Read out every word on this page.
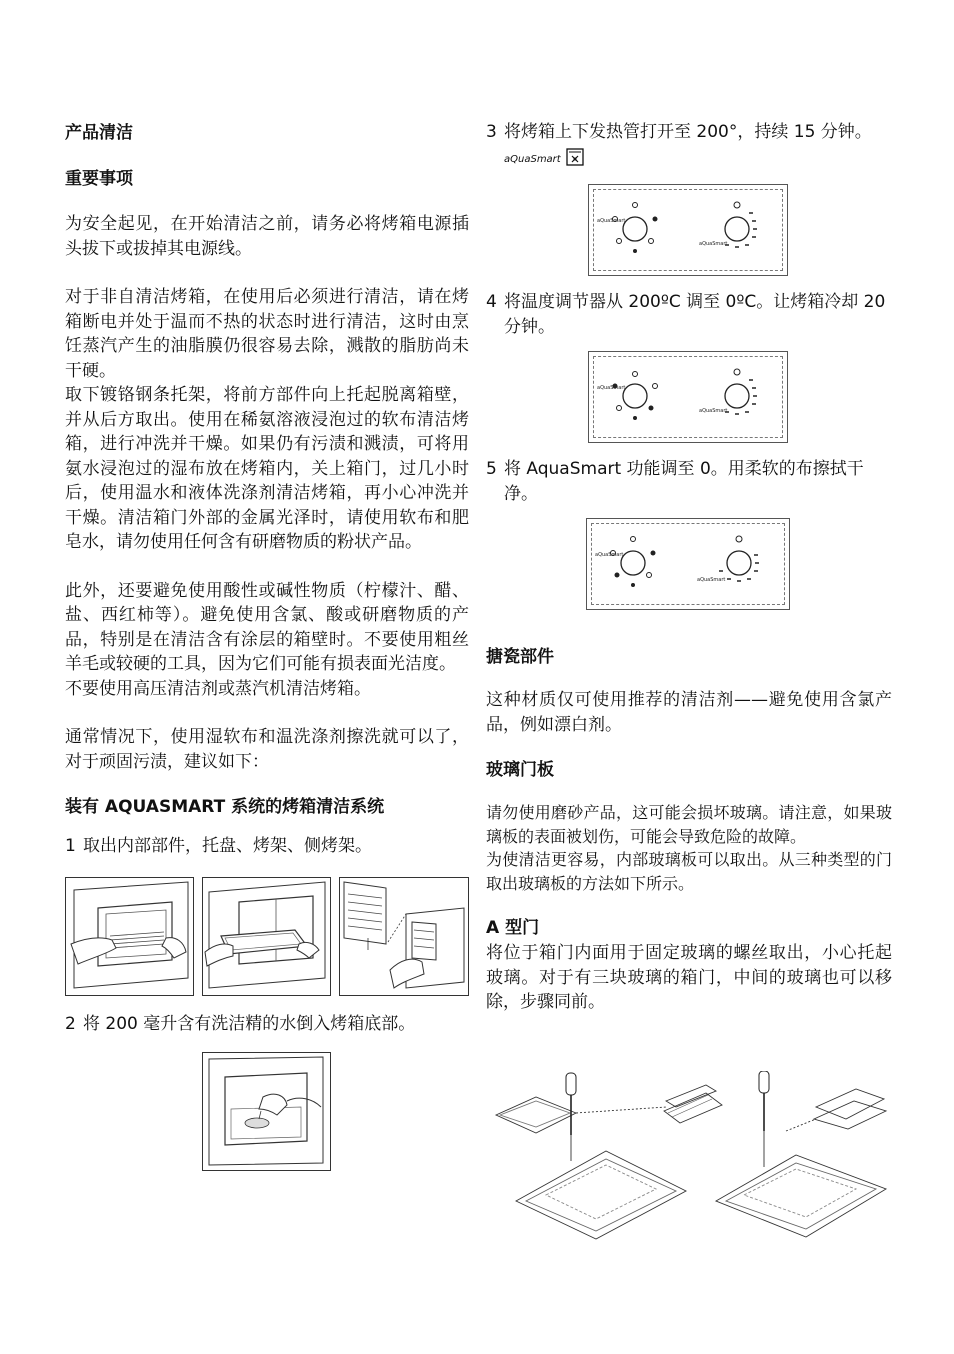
产品清洁
重要事项

为安全起见，在开始清洁之前，请务必将烤箱电源插头拔下或拔掉其电源线。

对于非自清洁烤箱，在使用后必须进行清洁，请在烤箱断电并处于温而不热的状态时进行清洁，这时由烹饪蒸汽产生的油脂膜仍很容易去除，溅散的脂肪尚未干硬。

取下镀铬钢条托架，将前方部件向上托起脱离箱壁，并从后方取出。使用在稀氨溶液浸泡过的软布清洁烤箱，进行冲洗并干燥。如果仍有污渍和溅渍，可将用氨水浸泡过的湿布放在烤箱内，关上箱门，过几小时后，使用温水和液体洗涤剂清洁烤箱，再小心冲洗并干燥。清洁箱门外部的金属光泽时，请使用软布和肥皂水，请勿使用任何含有研磨物质的粉状产品。

此外，还要避免使用酸性或碱性物质（柠檬汁、醋、盐、西红柿等）。避免使用含氯、酸或研磨物质的产品，特别是在清洁含有涂层的箱壁时。不要使用粗丝羊毛或较硬的工具，因为它们可能有损表面光洁度。

不要使用高压清洁剂或蒸汽机清洁烤箱。

通常情况下，使用湿软布和温洗涤剂擦洗就可以了，对于顽固污渍，建议如下：

装有 AQUASMART 系统的烤箱清洁系统
1 取出内部部件，托盘、烤架、侧烤架。
2 将 200 毫升含有洗洁精的水倒入烤箱底部。
3 将烤箱上下发热管打开至 200°，持续 15 分钟。 aQuaSmart
aQuaSmart
aQuaSmart
4 将温度调节器从 200ºC 调至 0ºC。让烤箱冷却 20 分钟。
aQuaSmart
aQuaSmart
5 将 AquaSmart 功能调至 0。用柔软的布擦拭干净。
aQuaSmart
aQuaSmart
搪瓷部件

这种材质仅可使用推荐的清洁剂——避免使用含氯产品，例如漂白剂。

玻璃门板

请勿使用磨砂产品，这可能会损坏玻璃。请注意，如果玻璃板的表面被划伤，可能会导致危险的故障。

为使清洁更容易，内部玻璃板可以取出。从三种类型的门取出玻璃板的方法如下所示。

A 型门

将位于箱门内面用于固定玻璃的螺丝取出，小心托起玻璃。对于有三块玻璃的箱门，中间的玻璃也可以移除，步骤同前。
